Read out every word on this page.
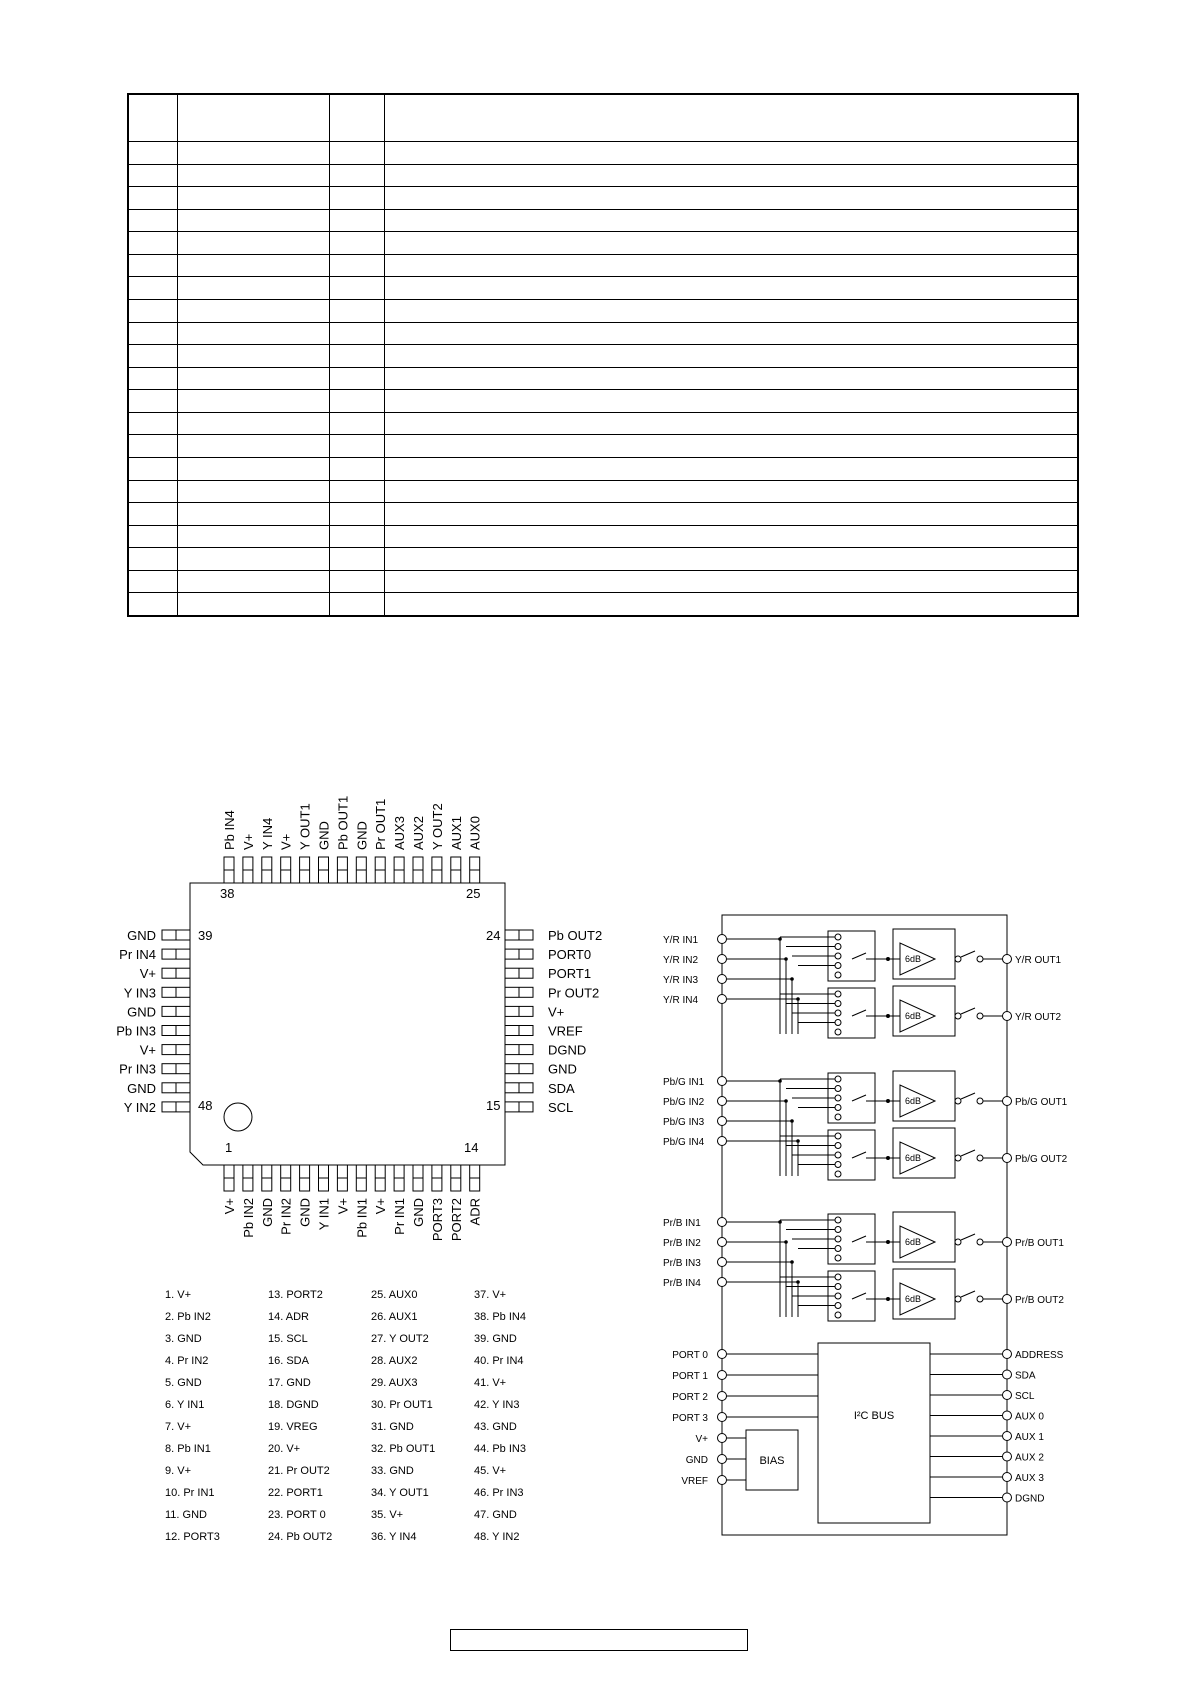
Pb IN4 V+ Y IN4 V+ Y OUT1 GND Pb OUT1 GND Pr OUT1 AUX3 AUX2 Y OUT2 AUX1 AUX0
V+ Pb IN2 GND Pr IN2 GND Y IN1 V+ Pb IN1 V+ Pr IN1 GND PORT3 PORT2 ADR
GND
Pr IN4
V+
Y IN3
GND
Pb IN3
V+
Pr IN3
GND
Y IN2
Pb OUT2
PORT0
PORT1
Pr OUT2
V+
VREF
DGND
GND
SDA
SCL
38	25
39	24
48	15
1	14
1. V+
2. Pb IN2
3. GND
4. Pr IN2
5. GND
6. Y IN1
7. V+
8. Pb IN1
9. V+
10. Pr IN1
11. GND
12. PORT3
13. PORT2
14. ADR
15. SCL
16. SDA
17. GND
18. DGND
19. VREG
20. V+
21. Pr OUT2
22. PORT1
23. PORT 0
24. Pb OUT2
25. AUX0
26. AUX1
27. Y OUT2
28. AUX2
29. AUX3
30. Pr OUT1
31. GND
32. Pb OUT1
33. GND
34. Y OUT1
35. V+
36. Y IN4
37. V+
38. Pb IN4
39. GND
40. Pr IN4
41. V+
42. Y IN3
43. GND
44. Pb IN3
45. V+
46. Pr IN3
47. GND
48. Y IN2
Y/R IN1
Y/R IN2
Y/R IN3
Y/R IN4
6dB	Y/R OUT1
6dB	Y/R OUT2
Pb/G IN1
Pb/G IN2
Pb/G IN3
Pb/G IN4
6dB	Pb/G OUT1
6dB	Pb/G OUT2
Pr/B IN1
Pr/B IN2
Pr/B IN3
Pr/B IN4
6dB	Pr/B OUT1
6dB	Pr/B OUT2
I²C BUS
BIAS
PORT 0
PORT 1
PORT 2
PORT 3
V+
GND
VREF
ADDRESS
SDA
SCL
AUX 0
AUX 1
AUX 2
AUX 3
DGND
